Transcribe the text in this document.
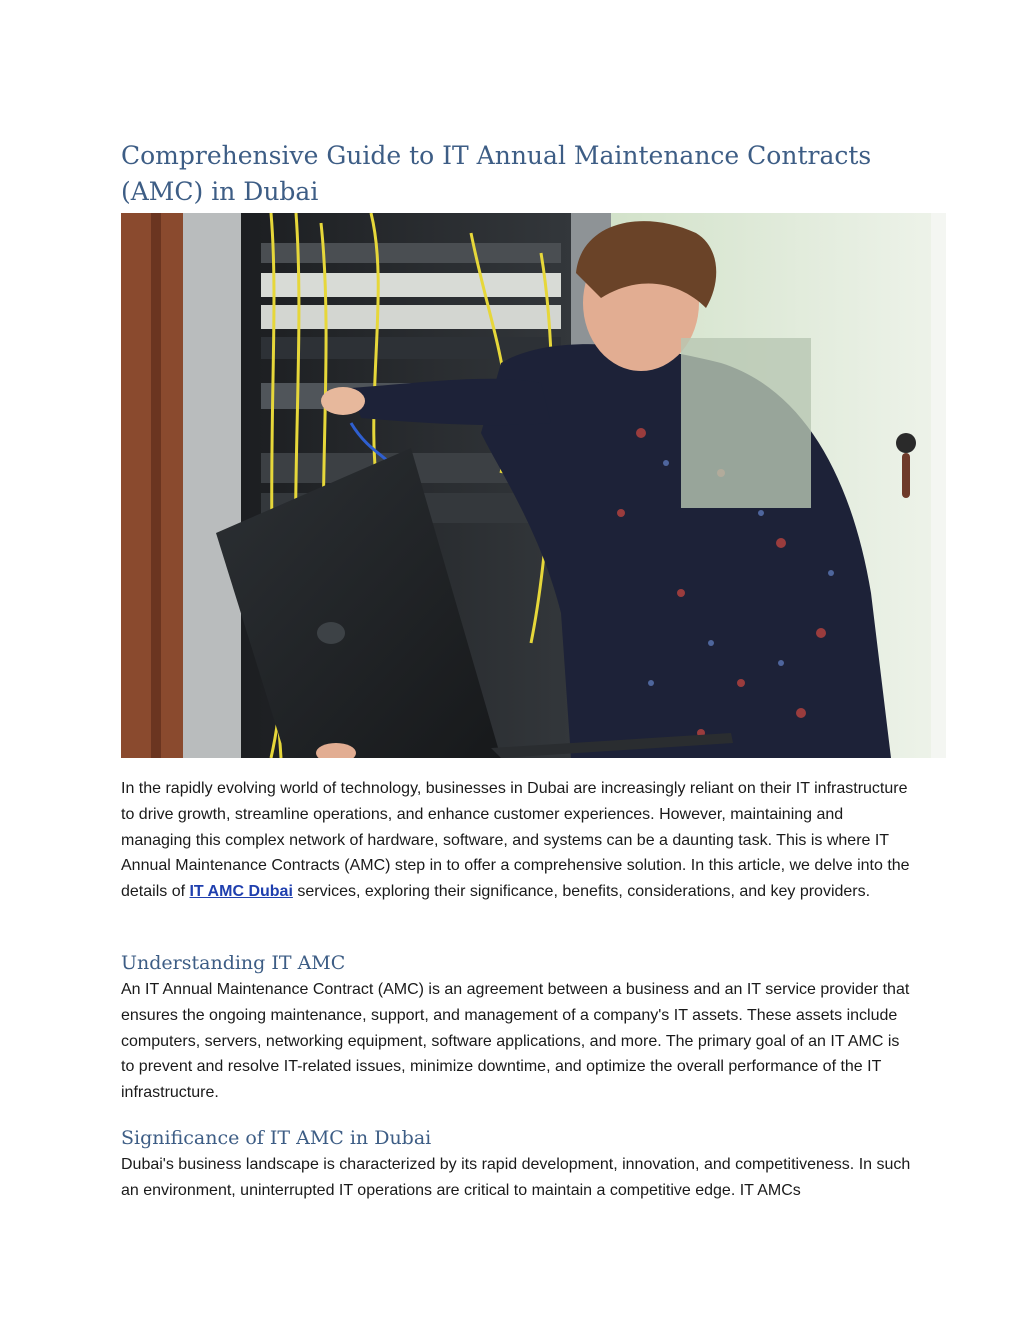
Comprehensive Guide to IT Annual Maintenance Contracts (AMC) in Dubai

In the rapidly evolving world of technology, businesses in Dubai are increasingly reliant on their IT infrastructure to drive growth, streamline operations, and enhance customer experiences. However, maintaining and managing this complex network of hardware, software, and systems can be a daunting task. This is where IT Annual Maintenance Contracts (AMC) step in to offer a comprehensive solution. In this article, we delve into the details of IT AMC Dubai services, exploring their significance, benefits, considerations, and key providers.

Understanding IT AMC

An IT Annual Maintenance Contract (AMC) is an agreement between a business and an IT service provider that ensures the ongoing maintenance, support, and management of a company's IT assets. These assets include computers, servers, networking equipment, software applications, and more. The primary goal of an IT AMC is to prevent and resolve IT-related issues, minimize downtime, and optimize the overall performance of the IT infrastructure.

Significance of IT AMC in Dubai

Dubai's business landscape is characterized by its rapid development, innovation, and competitiveness. In such an environment, uninterrupted IT operations are critical to maintain a competitive edge. IT AMCs
